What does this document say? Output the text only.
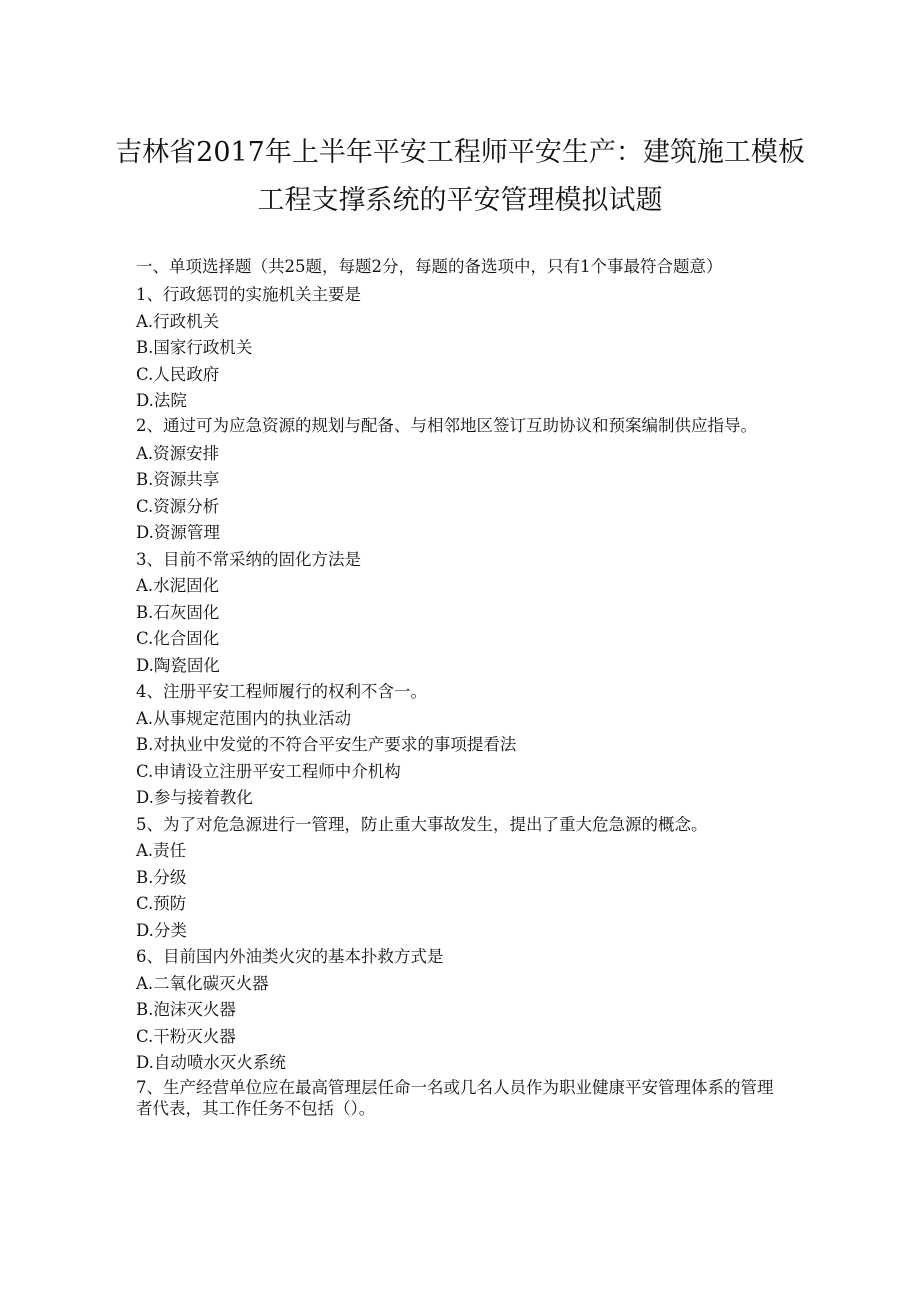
吉林省2017年上半年平安工程师平安生产：建筑施工模板
工程支撑系统的平安管理模拟试题
一、单项选择题（共25题，每题2分，每题的备选项中，只有1个事最符合题意）
1、行政惩罚的实施机关主要是
A.行政机关
B.国家行政机关
C.人民政府
D.法院
2、通过可为应急资源的规划与配备、与相邻地区签订互助协议和预案编制供应指导。
A.资源安排
B.资源共享
C.资源分析
D.资源管理
3、目前不常采纳的固化方法是
A.水泥固化
B.石灰固化
C.化合固化
D.陶瓷固化
4、注册平安工程师履行的权利不含一。
A.从事规定范围内的执业活动
B.对执业中发觉的不符合平安生产要求的事项提看法
C.申请设立注册平安工程师中介机构
D.参与接着教化
5、为了对危急源进行一管理，防止重大事故发生，提出了重大危急源的概念。
A.责任
B.分级
C.预防
D.分类
6、目前国内外油类火灾的基本扑救方式是
A.二氧化碳灭火器
B.泡沫灭火器
C.干粉灭火器
D.自动喷水灭火系统
7、生产经营单位应在最高管理层任命一名或几名人员作为职业健康平安管理体系的管理者代表，其工作任务不包括（）。
